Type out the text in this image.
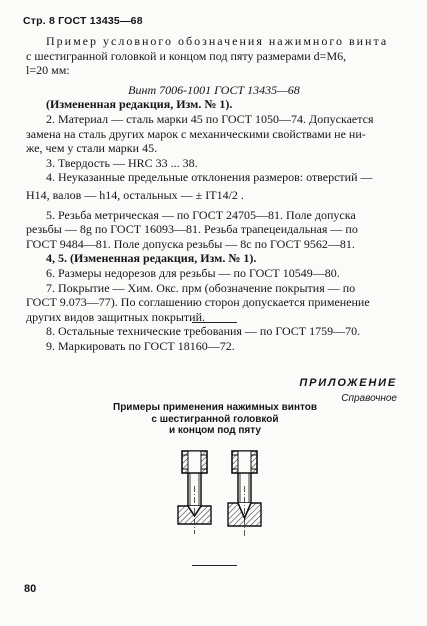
Стр. 8 ГОСТ 13435—68

Пример условного обозначения нажимного винта

с шестигранной головкой и концом под пяту размерами d=M6,

l=20 мм:

Винт 7006-1001 ГОСТ 13435—68

(Измененная редакция, Изм. № 1).

2. Материал — сталь марки 45 по ГОСТ 1050—74. Допускается

замена на сталь других марок с механическими свойствами не ни-

же, чем у стали марки 45.

3. Твердость — HRC 33 ... 38.

4. Неуказанные предельные отклонения размеров: отверстий —

Н14, валов — h14, остальных — ± IT14/2 .

5. Резьба метрическая — по ГОСТ 24705—81. Поле допуска

резьбы — 8g по ГОСТ 16093—81. Резьба трапецеидальная — по

ГОСТ 9484—81. Поле допуска резьбы — 8с по ГОСТ 9562—81.

4, 5. (Измененная редакция, Изм. № 1).

6. Размеры недорезов для резьбы — по ГОСТ 10549—80.

7. Покрытие — Хим. Окс. прм (обозначение покрытия — по

ГОСТ 9.073—77). По соглашению сторон допускается применение

других видов защитных покрытий.

8. Остальные технические требования — по ГОСТ 1759—70.

9. Маркировать по ГОСТ 18160—72.

ПРИЛОЖЕНИЕ
Справочное
Примеры применения нажимных винтов
с шестигранной головкой
и концом под пяту
80
